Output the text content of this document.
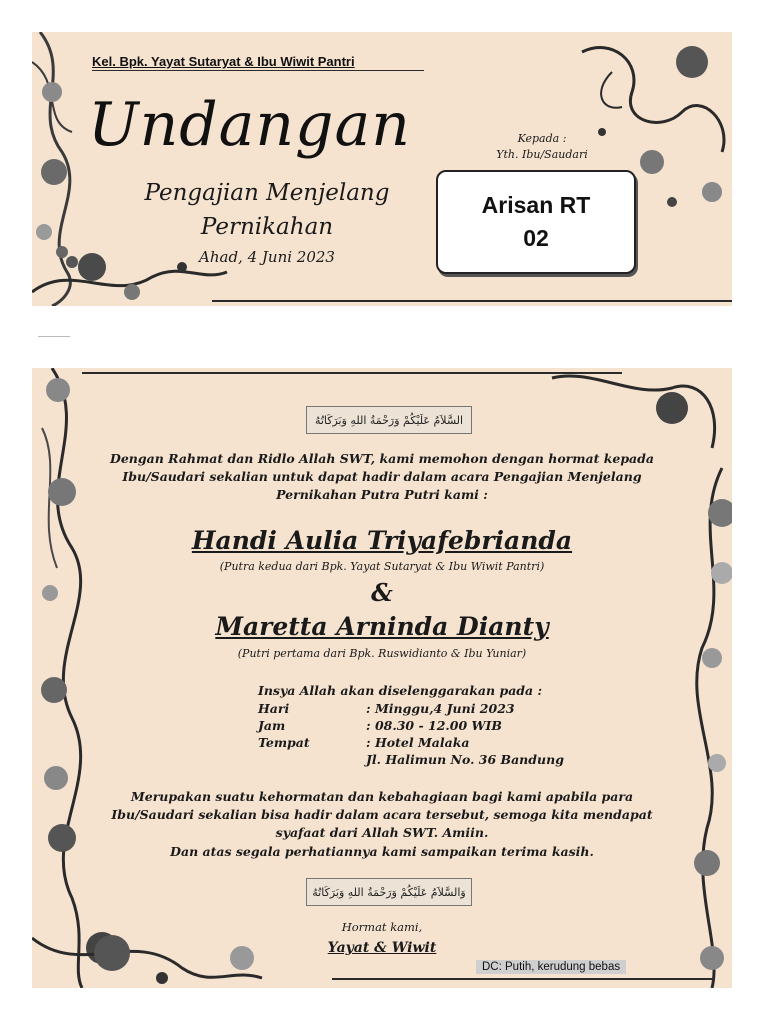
Kel. Bpk. Yayat Sutaryat & Ibu Wiwit Pantri
Undangan
Pengajian Menjelang
Pernikahan
Ahad, 4 Juni 2023
Kepada :
Yth. Ibu/Saudari
Arisan RT
02
السَّلاَمُ عَلَيْكُمْ وَرَحْمَةُ اللهِ وَبَرَكَاتُهُ
Dengan Rahmat dan Ridlo Allah SWT, kami memohon dengan hormat kepada
Ibu/Saudari sekalian untuk dapat hadir dalam acara Pengajian Menjelang
Pernikahan Putra Putri kami :
Handi Aulia Triyafebrianda
(Putra kedua dari Bpk. Yayat Sutaryat & Ibu Wiwit Pantri)
&
Maretta Arninda Dianty
(Putri pertama dari Bpk. Ruswidianto & Ibu Yuniar)
Insya Allah akan diselenggarakan pada :
Hari	: Minggu,4 Juni 2023
Jam	: 08.30 - 12.00 WIB
Tempat	: Hotel Malaka
Jl. Halimun No. 36 Bandung
Merupakan suatu kehormatan dan kebahagiaan bagi kami apabila para
Ibu/Saudari sekalian bisa hadir dalam acara tersebut, semoga kita mendapat
syafaat dari Allah SWT. Amiin.
Dan atas segala perhatiannya kami sampaikan terima kasih.
وَالسَّلاَمُ عَلَيْكُمْ وَرَحْمَةُ اللهِ وَبَرَكَاتُهُ
Hormat kami,
Yayat & Wiwit
DC: Putih, kerudung bebas
